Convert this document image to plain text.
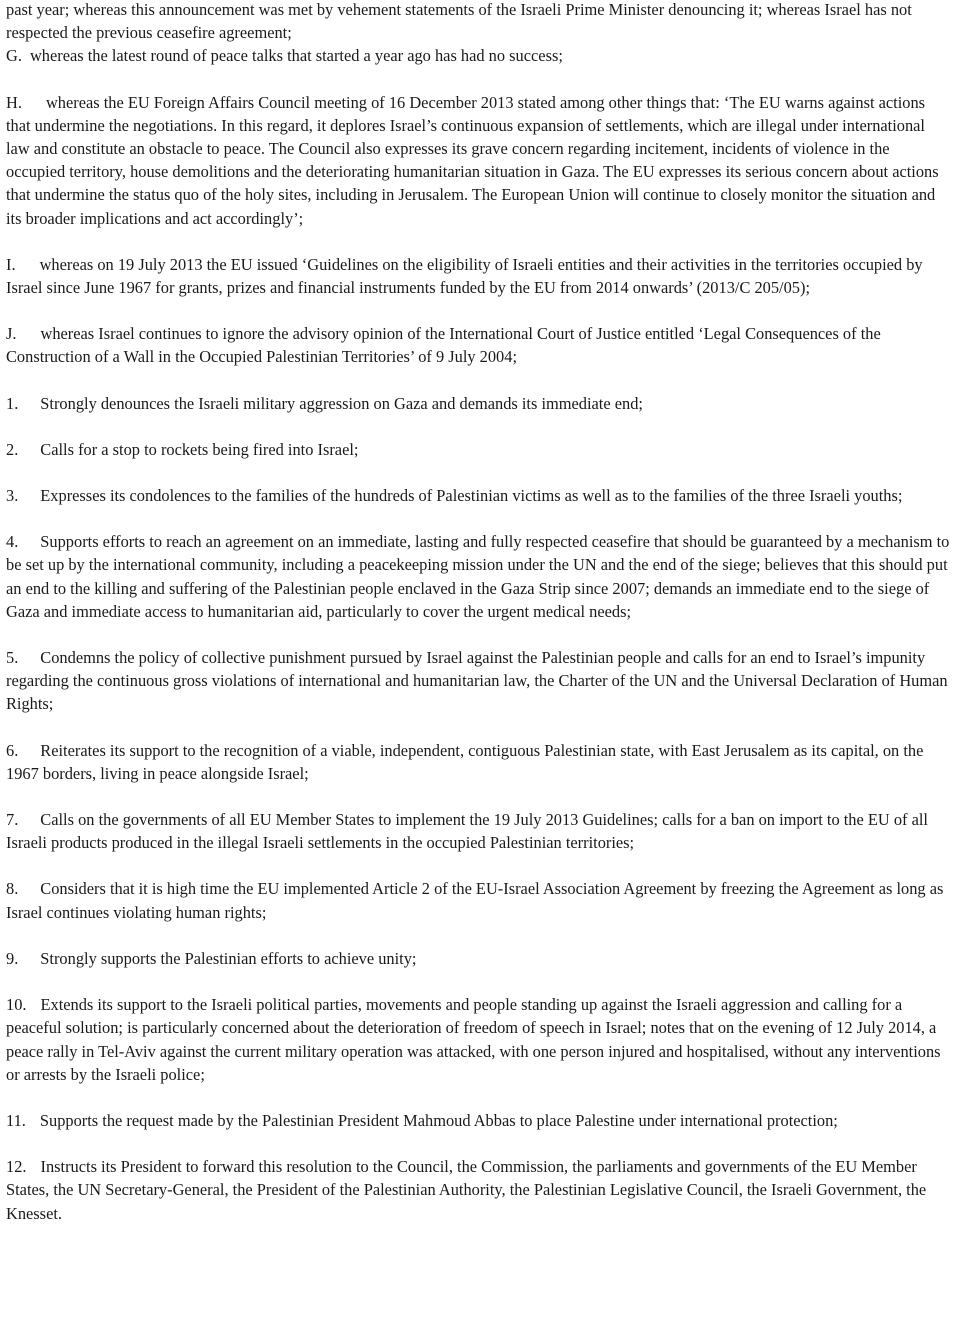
past year; whereas this announcement was met by vehement statements of the Israeli Prime Minister denouncing it; whereas Israel has not respected the previous ceasefire agreement;

G. whereas the latest round of peace talks that started a year ago has had no success;

H. whereas the EU Foreign Affairs Council meeting of 16 December 2013 stated among other things that: ‘The EU warns against actions that undermine the negotiations. In this regard, it deplores Israel’s continuous expansion of settlements, which are illegal under international law and constitute an obstacle to peace. The Council also expresses its grave concern regarding incitement, incidents of violence in the occupied territory, house demolitions and the deteriorating humanitarian situation in Gaza. The EU expresses its serious concern about actions that undermine the status quo of the holy sites, including in Jerusalem. The European Union will continue to closely monitor the situation and its broader implications and act accordingly’;

I. whereas on 19 July 2013 the EU issued ‘Guidelines on the eligibility of Israeli entities and their activities in the territories occupied by Israel since June 1967 for grants, prizes and financial instruments funded by the EU from 2014 onwards’ (2013/C 205/05);

J. whereas Israel continues to ignore the advisory opinion of the International Court of Justice entitled ‘Legal Consequences of the Construction of a Wall in the Occupied Palestinian Territories’ of 9 July 2004;

1. Strongly denounces the Israeli military aggression on Gaza and demands its immediate end;

2. Calls for a stop to rockets being fired into Israel;

3. Expresses its condolences to the families of the hundreds of Palestinian victims as well as to the families of the three Israeli youths;

4. Supports efforts to reach an agreement on an immediate, lasting and fully respected ceasefire that should be guaranteed by a mechanism to be set up by the international community, including a peacekeeping mission under the UN and the end of the siege; believes that this should put an end to the killing and suffering of the Palestinian people enclaved in the Gaza Strip since 2007; demands an immediate end to the siege of Gaza and immediate access to humanitarian aid, particularly to cover the urgent medical needs;

5. Condemns the policy of collective punishment pursued by Israel against the Palestinian people and calls for an end to Israel’s impunity regarding the continuous gross violations of international and humanitarian law, the Charter of the UN and the Universal Declaration of Human Rights;

6. Reiterates its support to the recognition of a viable, independent, contiguous Palestinian state, with East Jerusalem as its capital, on the 1967 borders, living in peace alongside Israel;

7. Calls on the governments of all EU Member States to implement the 19 July 2013 Guidelines; calls for a ban on import to the EU of all Israeli products produced in the illegal Israeli settlements in the occupied Palestinian territories;

8. Considers that it is high time the EU implemented Article 2 of the EU-Israel Association Agreement by freezing the Agreement as long as Israel continues violating human rights;

9. Strongly supports the Palestinian efforts to achieve unity;

10. Extends its support to the Israeli political parties, movements and people standing up against the Israeli aggression and calling for a peaceful solution; is particularly concerned about the deterioration of freedom of speech in Israel; notes that on the evening of 12 July 2014, a peace rally in Tel-Aviv against the current military operation was attacked, with one person injured and hospitalised, without any interventions or arrests by the Israeli police;

11. Supports the request made by the Palestinian President Mahmoud Abbas to place Palestine under international protection;

12. Instructs its President to forward this resolution to the Council, the Commission, the parliaments and governments of the EU Member States, the UN Secretary-General, the President of the Palestinian Authority, the Palestinian Legislative Council, the Israeli Government, the Knesset.
